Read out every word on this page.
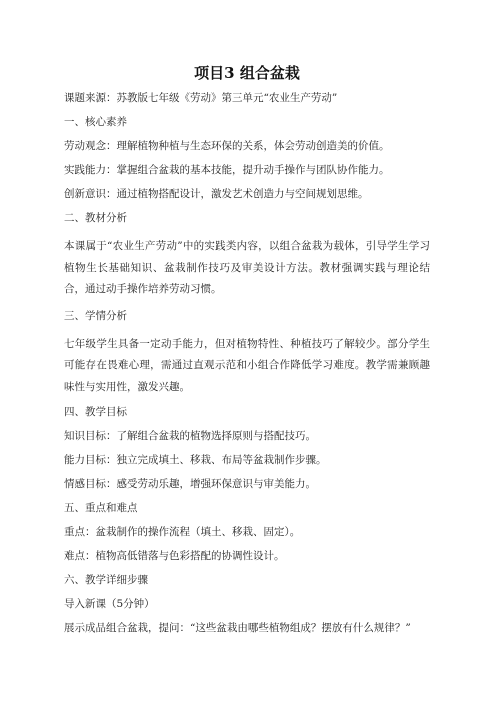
项目3 组合盆栽
课题来源：苏教版七年级《劳动》第三单元“农业生产劳动”
一、核心素养
劳动观念：理解植物种植与生态环保的关系，体会劳动创造美的价值。
实践能力：掌握组合盆栽的基本技能，提升动手操作与团队协作能力。
创新意识：通过植物搭配设计，激发艺术创造力与空间规划思维。
二、教材分析
本课属于“农业生产劳动”中的实践类内容，以组合盆栽为载体，引导学生学习植物生长基础知识、盆栽制作技巧及审美设计方法。教材强调实践与理论结合，通过动手操作培养劳动习惯。
三、学情分析
七年级学生具备一定动手能力，但对植物特性、种植技巧了解较少。部分学生可能存在畏难心理，需通过直观示范和小组合作降低学习难度。教学需兼顾趣味性与实用性，激发兴趣。
四、教学目标
知识目标：了解组合盆栽的植物选择原则与搭配技巧。
能力目标：独立完成填土、移栽、布局等盆栽制作步骤。
情感目标：感受劳动乐趣，增强环保意识与审美能力。
五、重点和难点
重点：盆栽制作的操作流程（填土、移栽、固定）。
难点：植物高低错落与色彩搭配的协调性设计。
六、教学详细步骤
导入新课（5分钟）
展示成品组合盆栽，提问：“这些盆栽由哪些植物组成？摆放有什么规律？”
